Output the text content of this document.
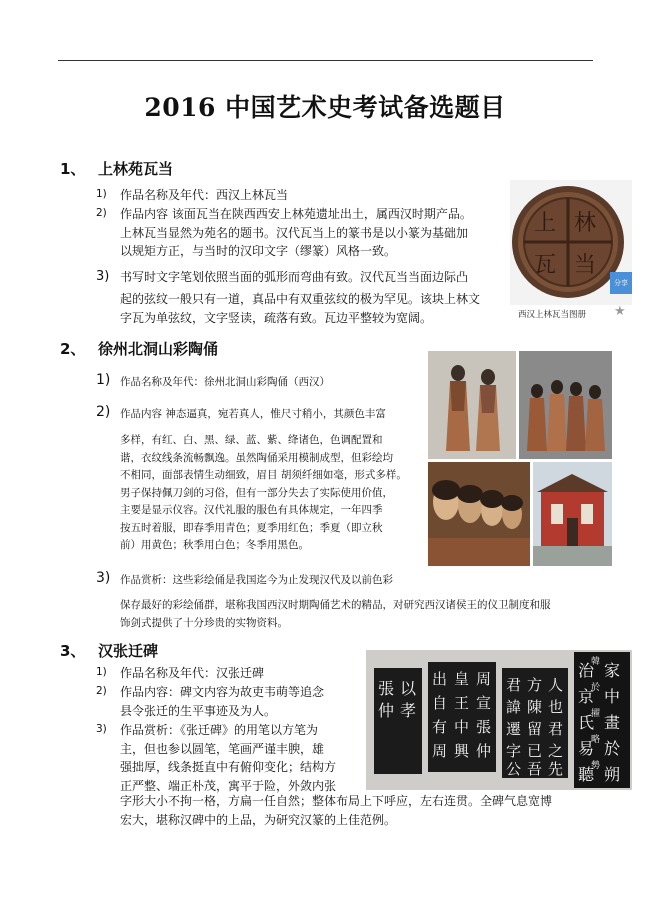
2016 中国艺术史考试备选题目
1、 上林苑瓦当
1) 作品名称及年代：西汉上林瓦当
2) 作品内容 该面瓦当在陕西西安上林苑遗址出土，属西汉时期产品。
上林瓦当显然为苑名的题书。汉代瓦当上的篆书是以小篆为基础加
以规矩方正，与当时的汉印文字（缪篆）风格一致。
3) 书写时文字笔划依照当面的弧形而弯曲有致。汉代瓦当当面边际凸
起的弦纹一般只有一道，真品中有双重弦纹的极为罕见。该块上林文
字瓦为单弦纹，文字竖读，疏落有致。瓦边平整较为宽阔。
上 林
瓦 当
分享
西汉上林瓦当图册 ★
2、 徐州北洞山彩陶俑
1) 作品名称及年代：徐州北洞山彩陶俑（西汉）
2) 作品内容 神态逼真，宛若真人，惟尺寸稍小，其颜色丰富
多样，有红、白、黑、绿、蓝、紫、绛诸色，色调配置和
谐，衣纹线条流畅飘逸。虽然陶俑采用模制成型，但彩绘均
不相同，面部表情生动细致，眉目 胡须纤细如毫，形式多样。
男子保持佩刀剑的习俗，但有一部分失去了实际使用价值，
主要是显示仪容。汉代礼服的服色有具体规定，一年四季
按五时着服，即春季用青色；夏季用红色；季夏（即立秋
前）用黄色；秋季用白色；冬季用黑色。
3) 作品赏析：这些彩绘俑是我国迄今为止发现汉代及以前色彩
保存最好的彩绘俑群，堪称我国西汉时期陶俑艺术的精品，对研究西汉诸侯王的仪卫制度和服
饰剑式提供了十分珍贵的实物资料。
3、 汉张迁碑
1) 作品名称及年代：汉张迁碑
2) 作品内容：碑文内容为故吏韦萌等追念
县令张迁的生平事迹及为人。
3) 作品赏析：《张迁碑》的用笔以方笔为
主，但也参以圆笔，笔画严谨丰腴，雄
强拙厚，线条挺直中有俯仰变化；结构方
正严整、端正朴茂，寓平于险，外敛内张
字形大小不拘一格，方扁一任自然；整体布局上下呼应，左右连贯。全碑气息宽博
宏大，堪称汉碑中的上品，为研究汉篆的上佳范例。
張
仲
以
孝
出
自
有
周
皇
王
中
興
周
宣
張
仲
君
諱
遷
字
公
方
陳
留
已
吾
人
也
君
之
先
家
中
畫
於
朔
治
京
氏
易
聽
韓
擢
略
勢
於
